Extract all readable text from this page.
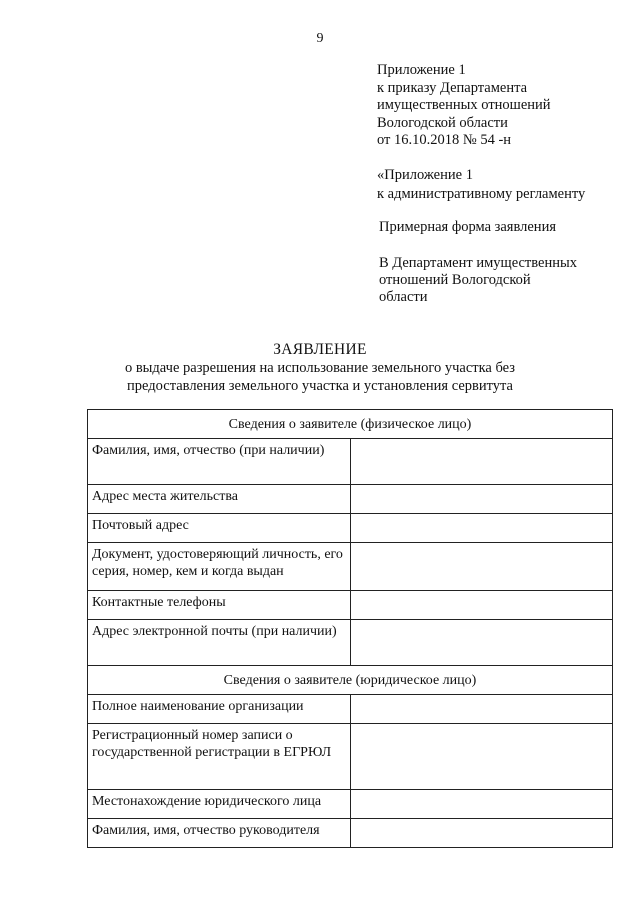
9
Приложение 1
к приказу Департамента
имущественных отношений
Вологодской области
от 16.10.2018 № 54 -н
«Приложение 1
к административному регламенту
Примерная форма заявления
В Департамент имущественных
отношений Вологодской
области
ЗАЯВЛЕНИЕ
о выдаче разрешения на использование земельного участка без
предоставления земельного участка и установления сервитута
Сведения о заявителе (физическое лицо)	
Фамилия, имя, отчество (при наличии)	
Адрес места жительства	
Почтовый адрес	
Документ, удостоверяющий личность, его серия, номер, кем и когда выдан	
Контактные телефоны	
Адрес электронной почты (при наличии)	
Сведения о заявителе (юридическое лицо)	
Полное наименование организации	
Регистрационный номер записи о государственной регистрации в ЕГРЮЛ	
Местонахождение юридического лица	
Фамилия, имя, отчество руководителя	
